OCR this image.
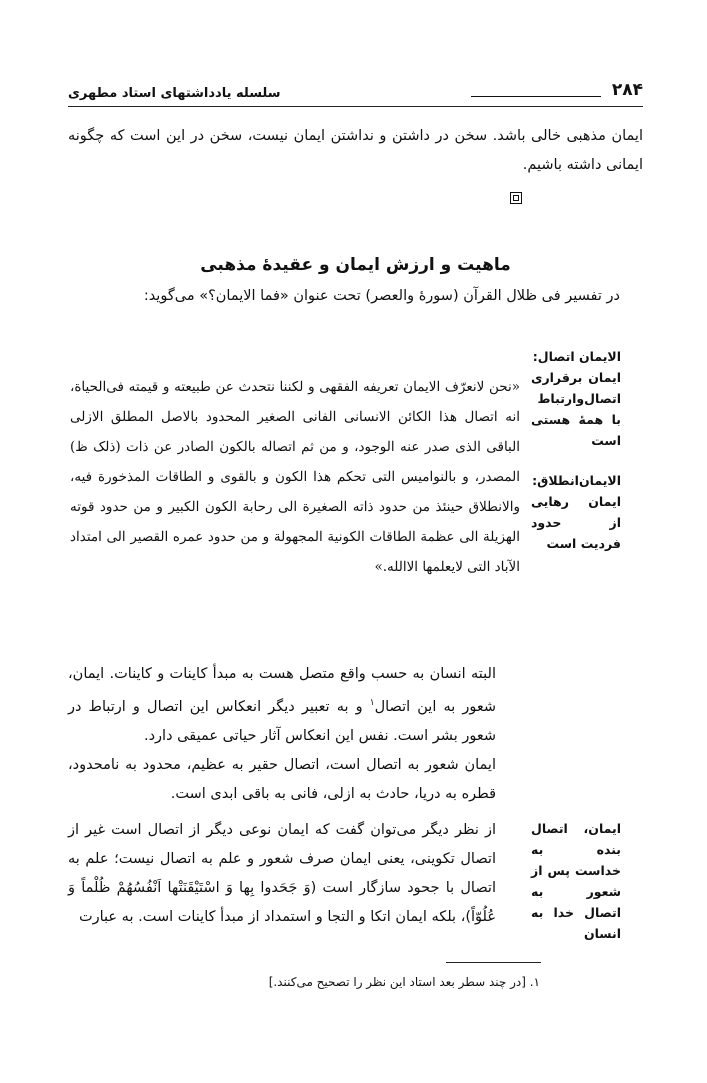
۲۸۴
سلسله یادداشتهای استاد مطهری
ایمان مذهبی خالی باشد. سخن در داشتن و نداشتن ایمان نیست، سخن در این است که چگونه ایمانی داشته باشیم.
ماهیت و ارزش ایمان و عقیدهٔ مذهبی
در تفسیر فی ظلال القرآن (سورهٔ والعصر) تحت عنوان «فما الایمان؟» می‌گوید:
الایمان اتصال:
ایمان برقراری اتصال‌وارتباط با همهٔ هستی است
الایمان‌انطلاق:
ایمان رهایی از حدود فردیت است
ایمان، اتصال بنده به خداست پس از شعور به اتصال خدا به انسان
«نحن لانعرّف الایمان تعریفه الفقهی و لکننا نتحدث عن طبیعته و قیمته فی‌الحیاة، انه اتصال هذا الکائن الانسانی الفانی الصغیر المحدود بالاصل المطلق الازلی الباقی الذی صدر عنه الوجود، و من ثم اتصاله بالکون الصادر عن ذات (ذلک ظ) المصدر، و بالنوامیس التی تحکم هذا الکون و بالقوی و الطاقات المذخورة فیه، والانطلاق حینئذ من حدود ذاته الصغیرة الی رحابة الکون الکبیر و من حدود قوته الهزیلة الی عظمة الطاقات الکونیة المجهولة و من حدود عمره القصیر الی امتداد الآباد التی لایعلمها الاالله.»
البته انسان به حسب واقع متصل هست به مبدأ کاینات و کاینات. ایمان، شعور به این اتصال$^۱$ و به تعبیر دیگر انعکاس این اتصال و ارتباط در شعور بشر است. نفس این انعکاس آثار حیاتی عمیقی دارد.
ایمان شعور به اتصال است، اتصال حقیر به عظیم، محدود به نامحدود، قطره به دریا، حادث به ازلی، فانی به باقی ابدی است.
از نظر دیگر می‌توان گفت که ایمان نوعی دیگر از اتصال است غیر از اتصال تکوینی، یعنی ایمان صرف شعور و علم به اتصال نیست؛ علم به اتصال با جحود سازگار است (وَ جَحَدوا بِها وَ اسْتَیْقَنَتْها اَنْفُسُهُمْ ظُلْماً وَ عُلُوّاً)، بلکه ایمان اتکا و التجا و استمداد از مبدأ کاینات است. به عبارت
۱. [در چند سطر بعد استاد این نظر را تصحیح می‌کنند.]
